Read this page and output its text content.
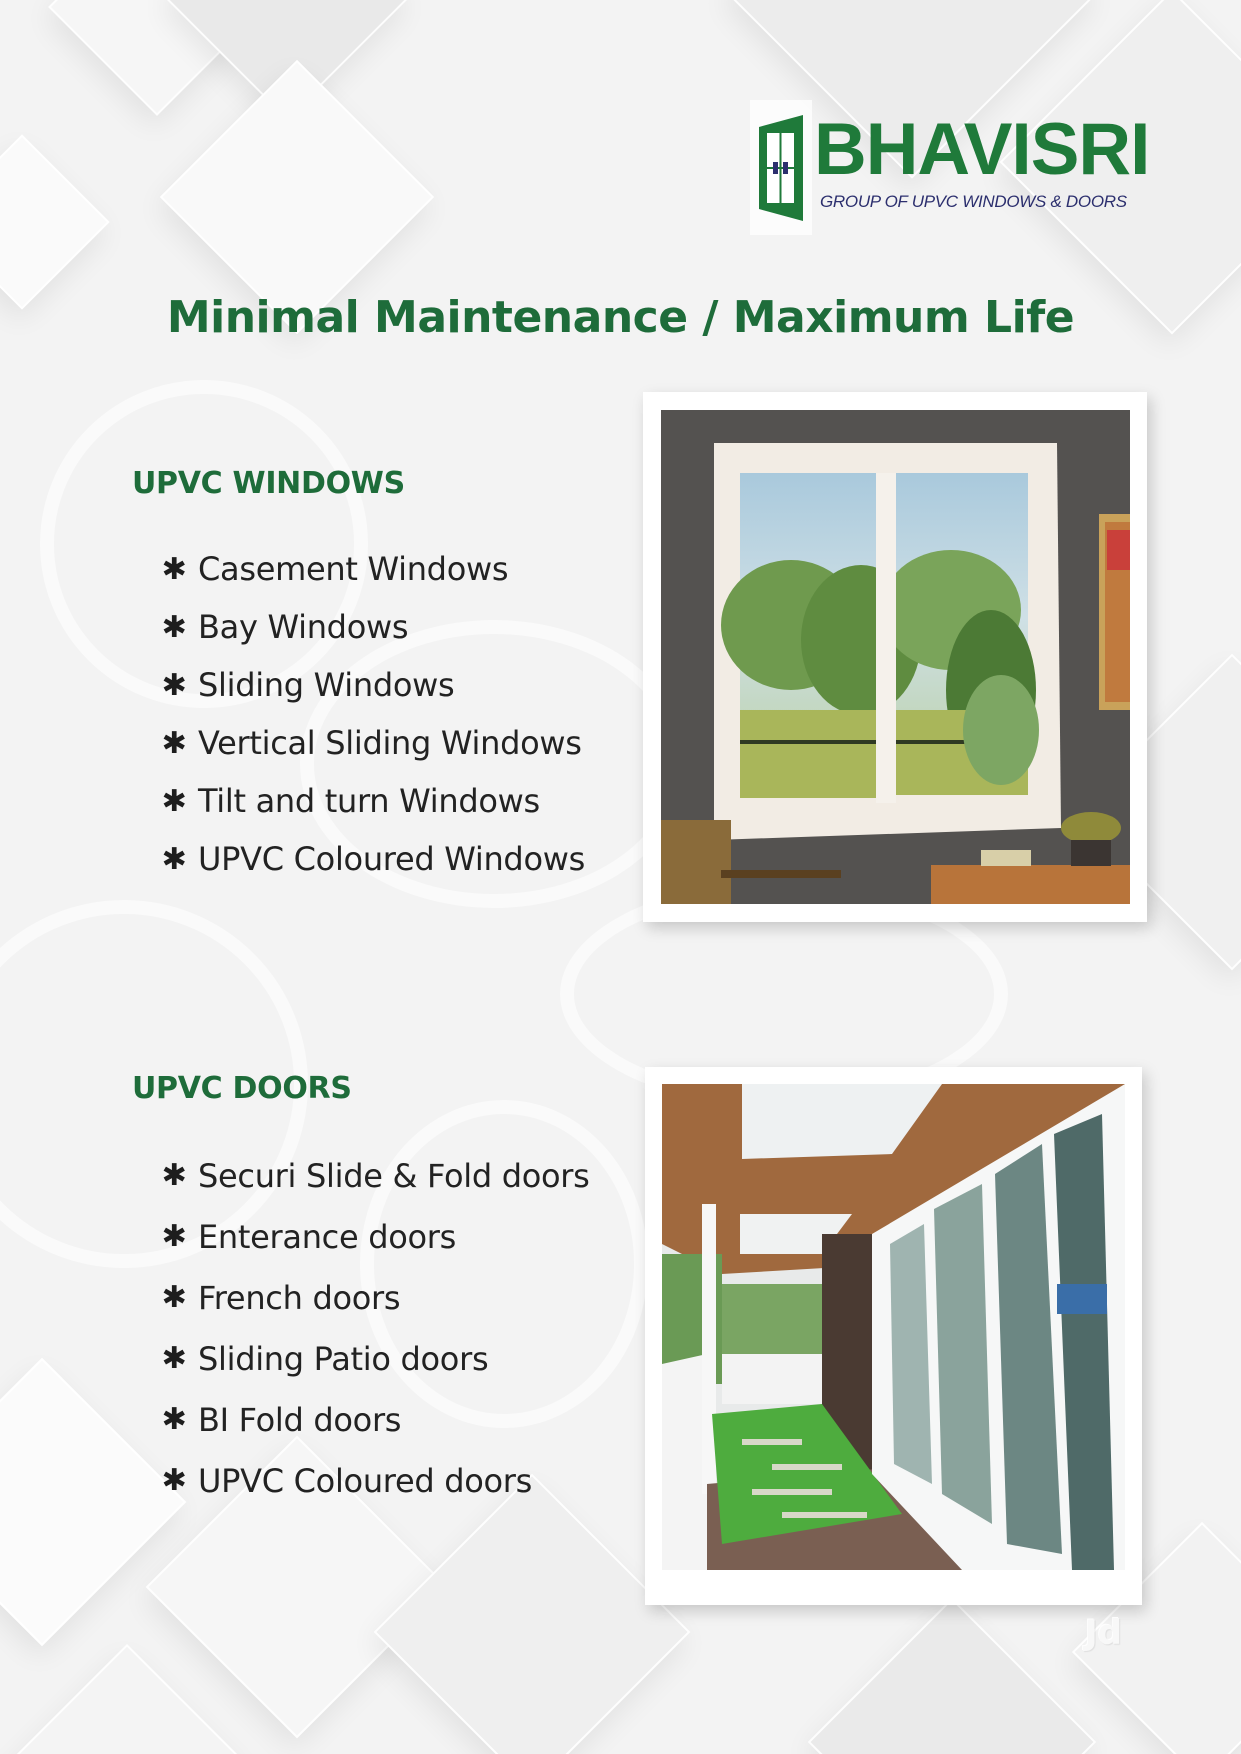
BHAVISRI
GROUP OF UPVC WINDOWS & DOORS
Minimal Maintenance / Maximum Life
UPVC WINDOWS
✱ Casement Windows
✱ Bay Windows
✱ Sliding Windows
✱ Vertical Sliding Windows
✱ Tilt and turn Windows
✱ UPVC Coloured Windows
UPVC DOORS
✱ Securi Slide & Fold doors
✱ Enterance doors
✱ French doors
✱ Sliding Patio doors
✱ BI Fold doors
✱ UPVC Coloured doors
Jd
